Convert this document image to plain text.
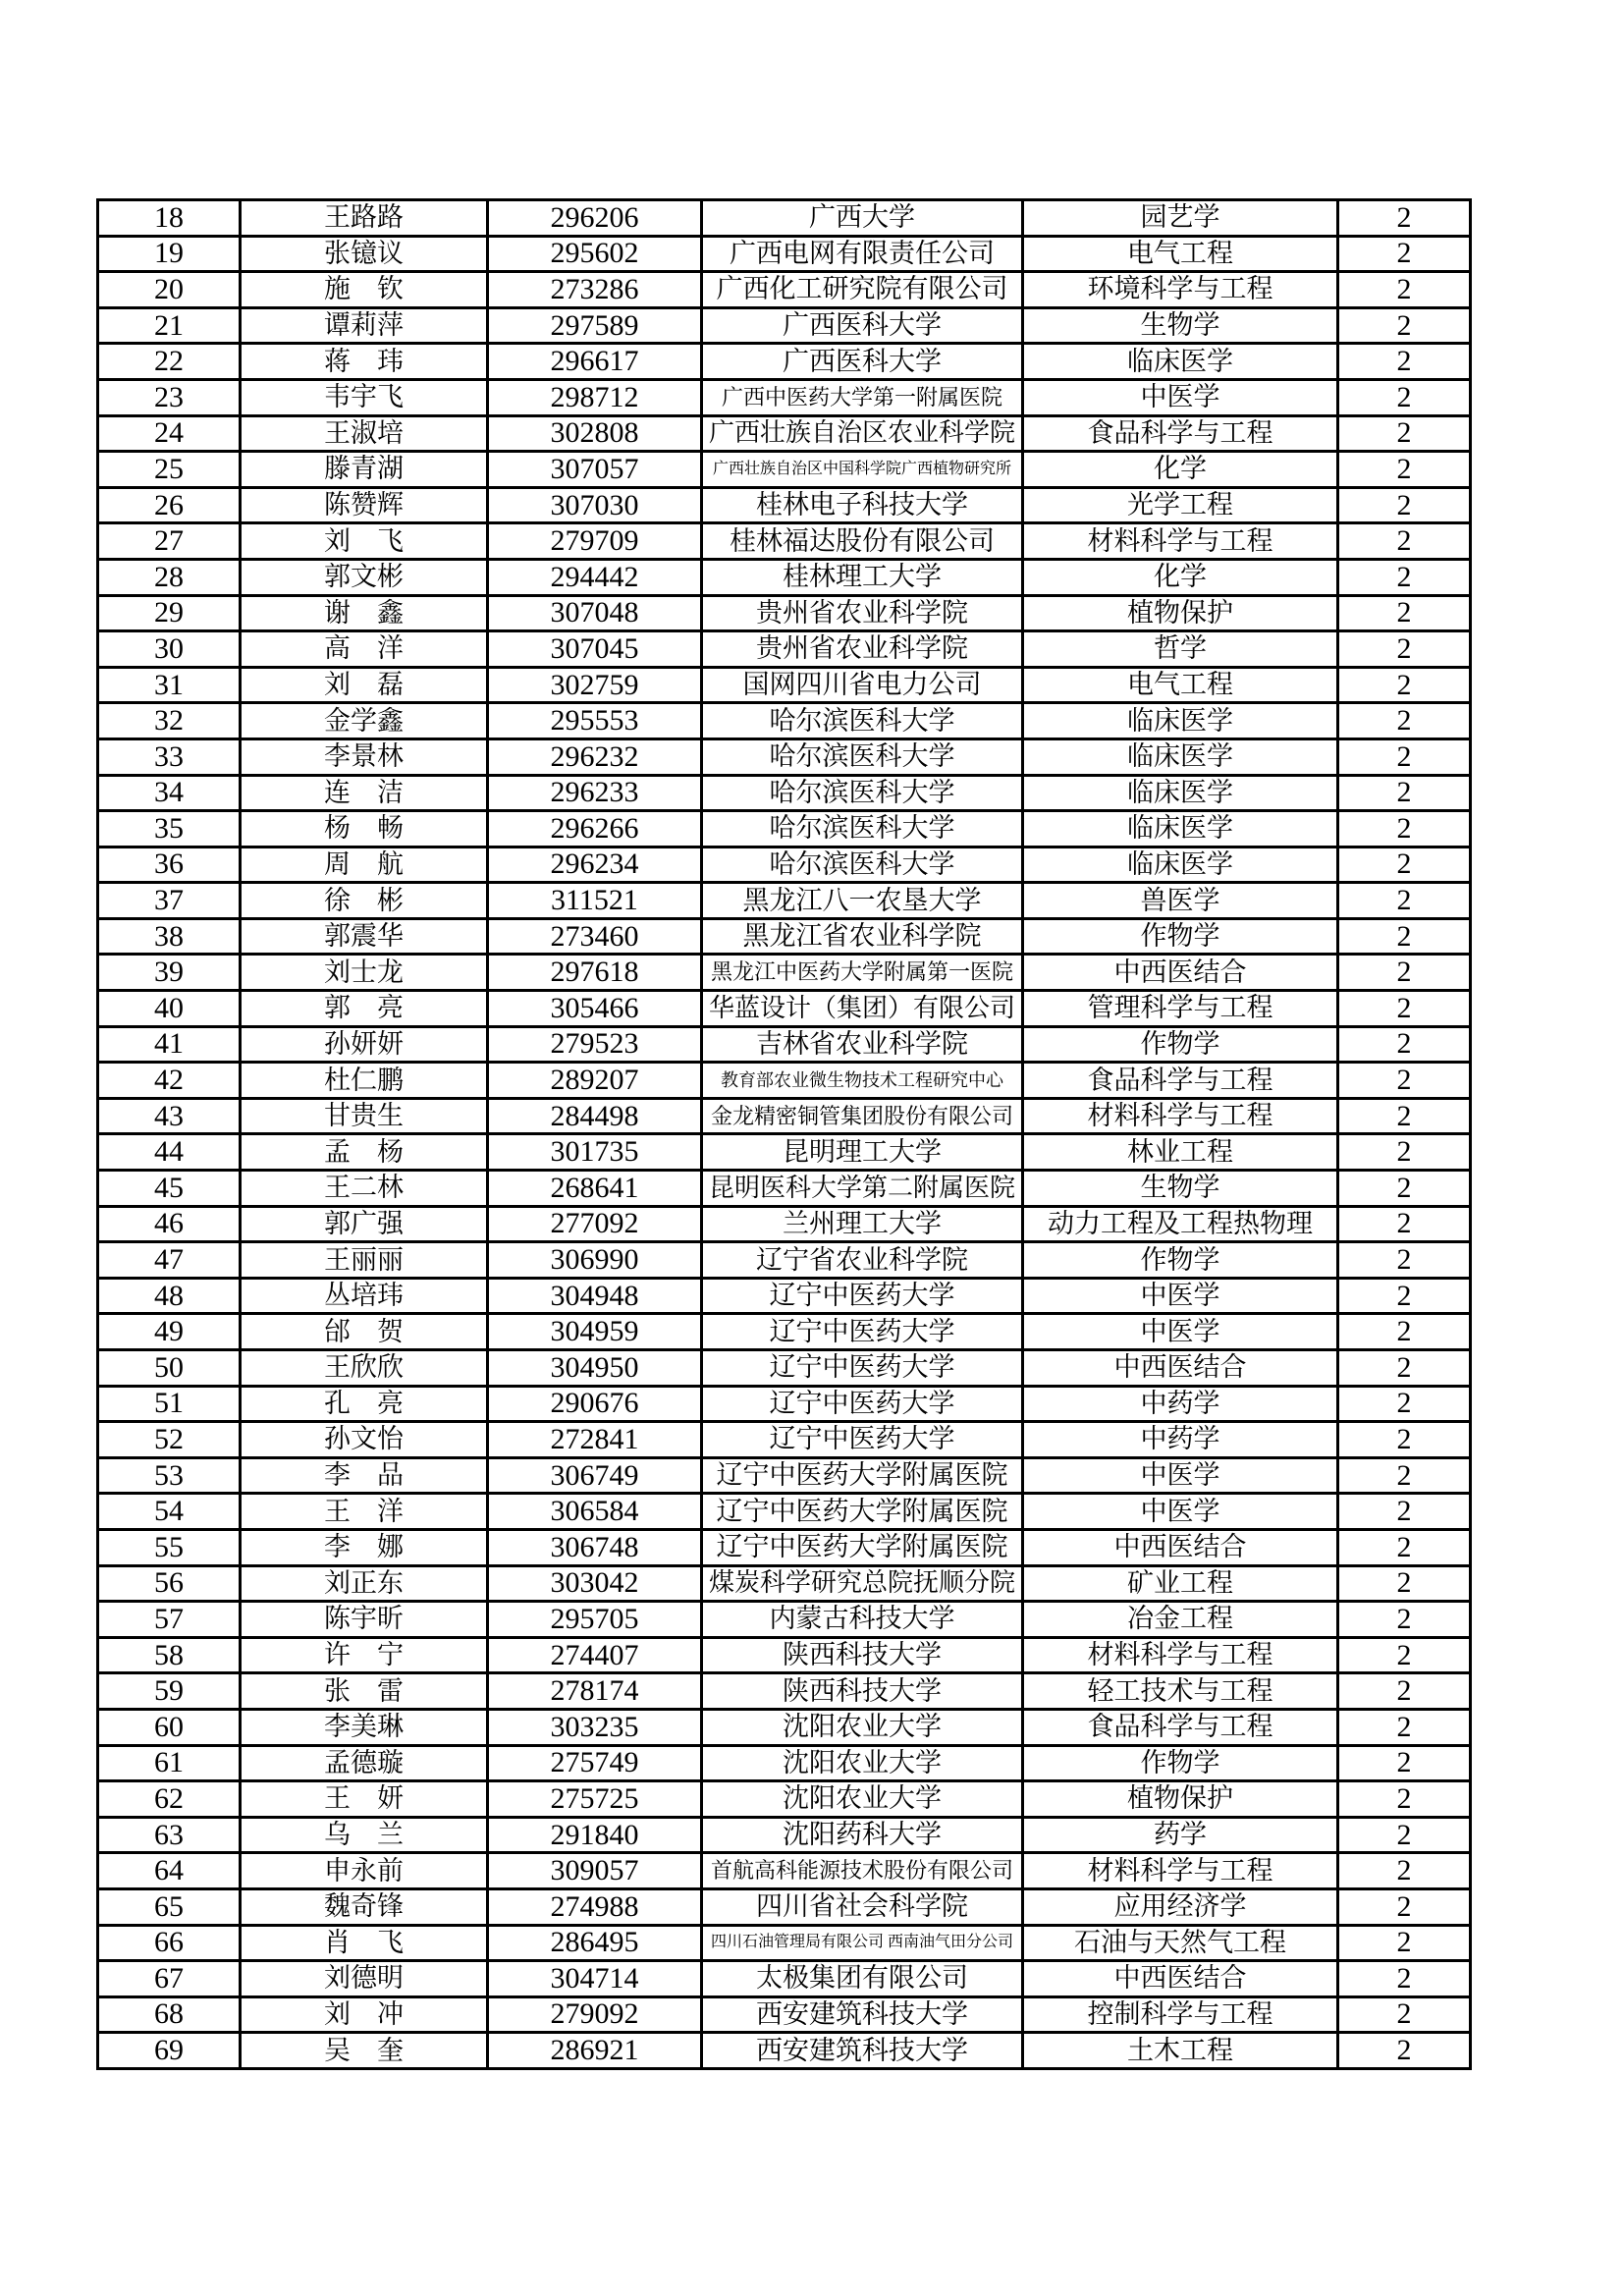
18	王路路	296206	广西大学	园艺学	2
19	张镱议	295602	广西电网有限责任公司	电气工程	2
20	施　钦	273286	广西化工研究院有限公司	环境科学与工程	2
21	谭莉萍	297589	广西医科大学	生物学	2
22	蒋　玮	296617	广西医科大学	临床医学	2
23	韦宇飞	298712	广西中医药大学第一附属医院	中医学	2
24	王淑培	302808	广西壮族自治区农业科学院	食品科学与工程	2
25	滕青湖	307057	广西壮族自治区中国科学院广西植物研究所	化学	2
26	陈赞辉	307030	桂林电子科技大学	光学工程	2
27	刘　飞	279709	桂林福达股份有限公司	材料科学与工程	2
28	郭文彬	294442	桂林理工大学	化学	2
29	谢　鑫	307048	贵州省农业科学院	植物保护	2
30	高　洋	307045	贵州省农业科学院	哲学	2
31	刘　磊	302759	国网四川省电力公司	电气工程	2
32	金学鑫	295553	哈尔滨医科大学	临床医学	2
33	李景林	296232	哈尔滨医科大学	临床医学	2
34	连　洁	296233	哈尔滨医科大学	临床医学	2
35	杨　畅	296266	哈尔滨医科大学	临床医学	2
36	周　航	296234	哈尔滨医科大学	临床医学	2
37	徐　彬	311521	黑龙江八一农垦大学	兽医学	2
38	郭震华	273460	黑龙江省农业科学院	作物学	2
39	刘士龙	297618	黑龙江中医药大学附属第一医院	中西医结合	2
40	郭　亮	305466	华蓝设计（集团）有限公司	管理科学与工程	2
41	孙妍妍	279523	吉林省农业科学院	作物学	2
42	杜仁鹏	289207	教育部农业微生物技术工程研究中心	食品科学与工程	2
43	甘贵生	284498	金龙精密铜管集团股份有限公司	材料科学与工程	2
44	孟　杨	301735	昆明理工大学	林业工程	2
45	王二林	268641	昆明医科大学第二附属医院	生物学	2
46	郭广强	277092	兰州理工大学	动力工程及工程热物理	2
47	王丽丽	306990	辽宁省农业科学院	作物学	2
48	丛培玮	304948	辽宁中医药大学	中医学	2
49	邰　贺	304959	辽宁中医药大学	中医学	2
50	王欣欣	304950	辽宁中医药大学	中西医结合	2
51	孔　亮	290676	辽宁中医药大学	中药学	2
52	孙文怡	272841	辽宁中医药大学	中药学	2
53	李　品	306749	辽宁中医药大学附属医院	中医学	2
54	王　洋	306584	辽宁中医药大学附属医院	中医学	2
55	李　娜	306748	辽宁中医药大学附属医院	中西医结合	2
56	刘正东	303042	煤炭科学研究总院抚顺分院	矿业工程	2
57	陈宇昕	295705	内蒙古科技大学	冶金工程	2
58	许　宁	274407	陕西科技大学	材料科学与工程	2
59	张　雷	278174	陕西科技大学	轻工技术与工程	2
60	李美琳	303235	沈阳农业大学	食品科学与工程	2
61	孟德璇	275749	沈阳农业大学	作物学	2
62	王　妍	275725	沈阳农业大学	植物保护	2
63	乌　兰	291840	沈阳药科大学	药学	2
64	申永前	309057	首航高科能源技术股份有限公司	材料科学与工程	2
65	魏奇锋	274988	四川省社会科学院	应用经济学	2
66	肖　飞	286495	四川石油管理局有限公司 西南油气田分公司	石油与天然气工程	2
67	刘德明	304714	太极集团有限公司	中西医结合	2
68	刘　冲	279092	西安建筑科技大学	控制科学与工程	2
69	吴　奎	286921	西安建筑科技大学	土木工程	2
